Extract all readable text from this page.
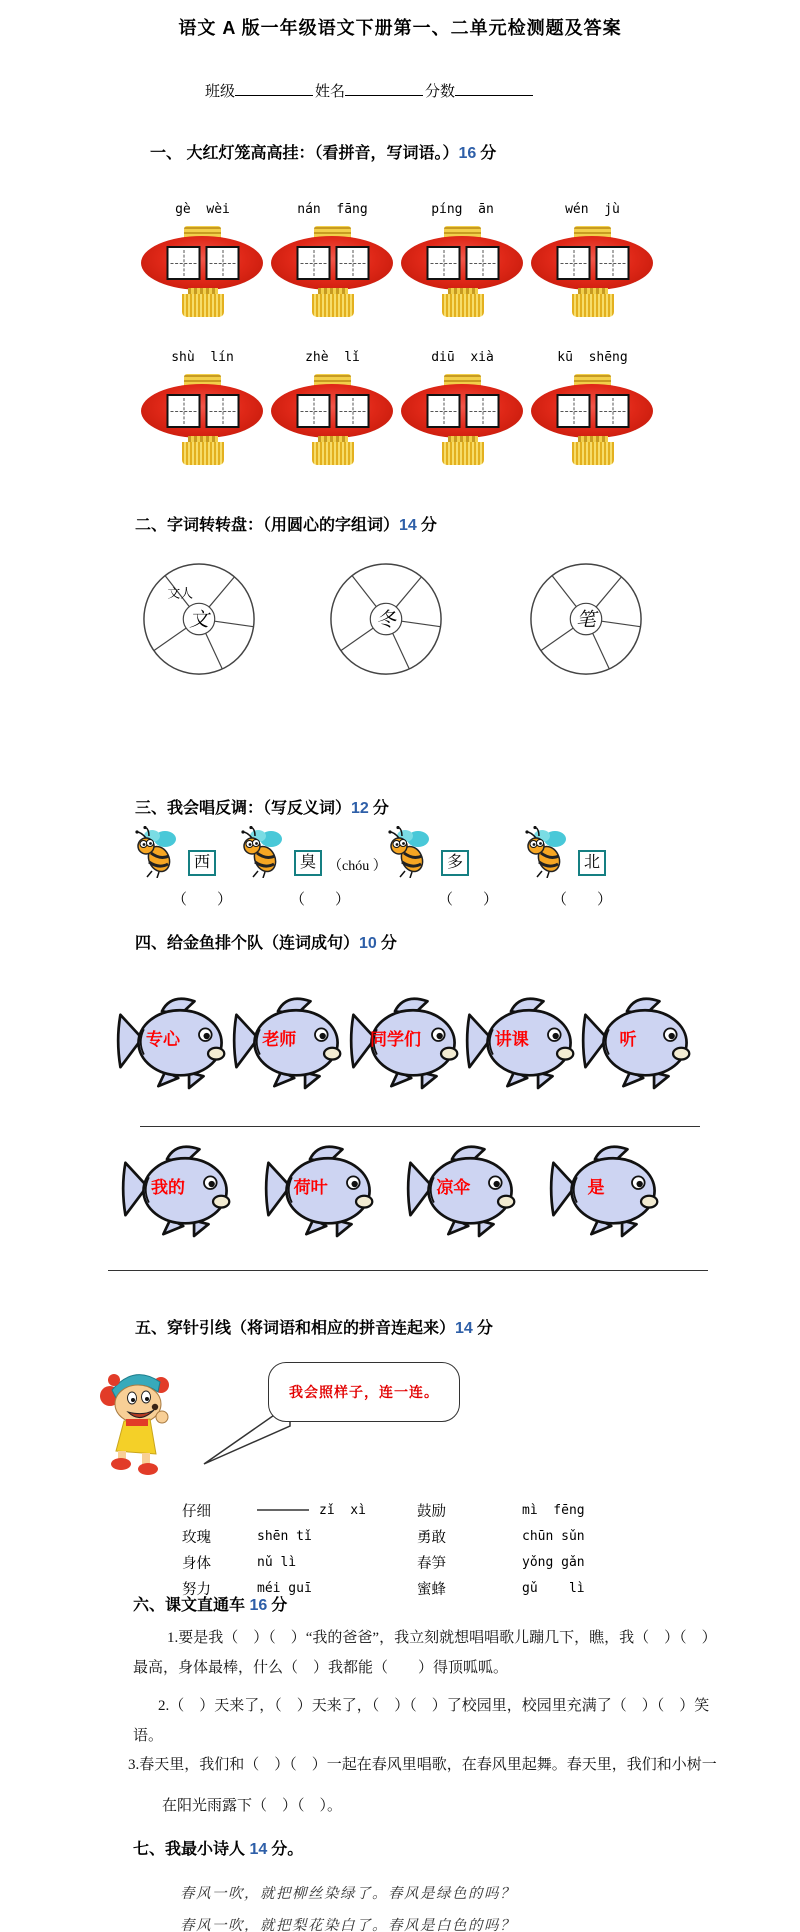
语文 A 版一年级语文下册第一、二单元检测题及答案
班级	姓名	分数
一、 大红灯笼高高挂：（看拼音，写词语。）16 分
gè  wèi	nán  fāng	píng  ān	wén  jù
shù  lín	zhè  lǐ	diū  xià	kū  shēng
二、字词转转盘：（用圆心的字组词）14 分
文人
文	冬	笔
三、我会唱反调：（写反义词）12 分
西	臭 （chóu ）	多	北
（　　）	（　　）	（　　）	（　　）
四、给金鱼排个队（连词成句）10 分
专心	老师	同学们	讲课	听
我的	荷叶	凉伞	是
五、穿针引线（将词语和相应的拼音连起来）14 分
我会照样子，连一连。
仔细	zǐ  xì	鼓励	mì  fēng
玫瑰	shēn tǐ	勇敢	chūn sǔn
身体	nǔ lì	春笋	yǒng gǎn
努力	méi guī	蜜蜂	gǔ    lì
六、课文直通车 16 分
1.要是我（　）（　）“我的爸爸”，我立刻就想唱唱歌儿蹦几下，瞧，我（　）（　）
最高，身体最棒，什么（　）我都能（　　）得顶呱呱。
2.（　）天来了，（　）天来了，（　）（　）了校园里，校园里充满了（　）（　）笑
语。
3.春天里，我们和（　）（　）一起在春风里唱歌，在春风里起舞。春天里，我们和小树一
在阳光雨露下（　）（　）。
七、我最小诗人 14 分。
春风一吹，就把柳丝染绿了。春风是绿色的吗？
春风一吹，就把梨花染白了。春风是白色的吗？
